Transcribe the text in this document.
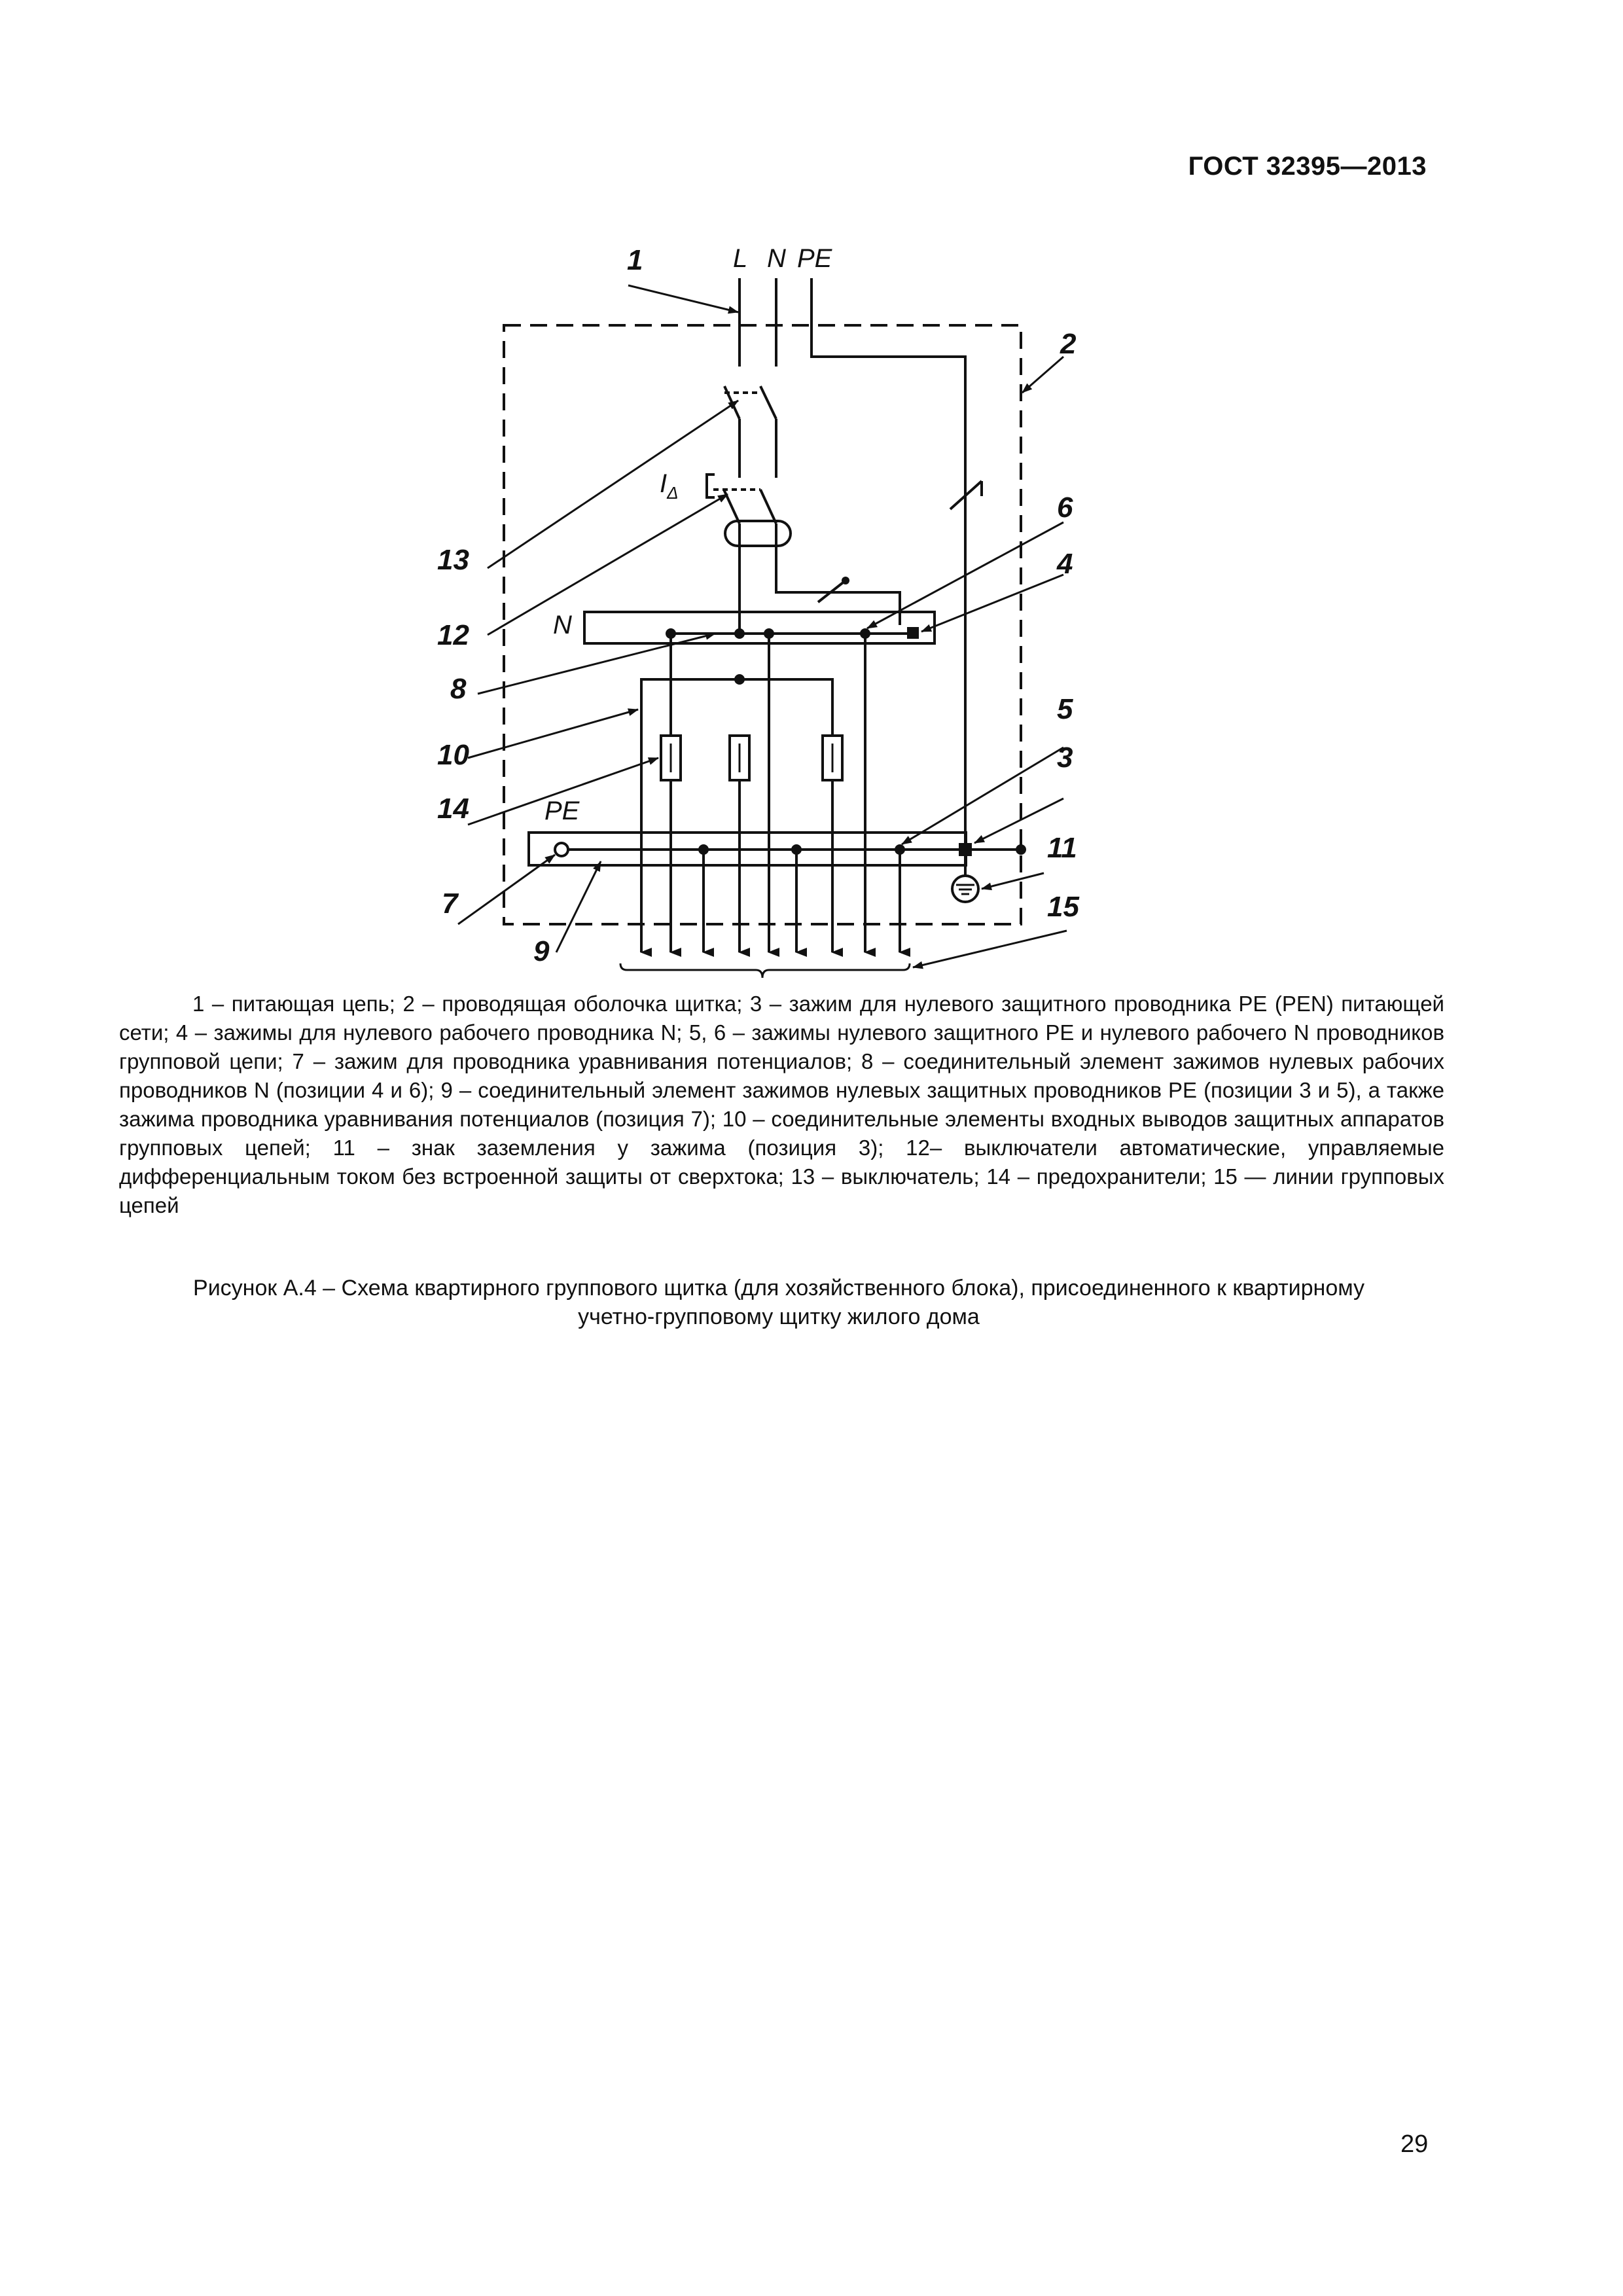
ГОСТ 32395—2013
1
2
13
12
6
4
8
10
14
5
3
11
15
7
9
L N PE
N
PE
$I_\Delta$
1 – питающая цепь; 2 – проводящая оболочка щитка; 3 – зажим для нулевого защитного проводника PE (PEN) питающей сети; 4 – зажимы для нулевого рабочего проводника N; 5, 6 – зажимы нулевого защитного PE и нулевого рабочего N проводников групповой цепи; 7 – зажим для проводника уравнивания потенциалов; 8 – соединительный элемент зажимов нулевых рабочих проводников N (позиции 4 и 6); 9 – соединительный элемент зажимов нулевых защитных проводников PE (позиции 3 и 5), а также зажима проводника уравнивания потенциалов (позиция 7); 10 – соединительные элементы входных выводов защитных аппаратов групповых цепей; 11 – знак заземления у зажима (позиция 3); 12– выключатели автоматические, управляемые дифференциальным током без встроенной защиты от сверхтока; 13 – выключатель; 14 – предохранители; 15 — линии групповых цепей
Рисунок А.4 – Схема квартирного группового щитка (для хозяйственного блока), присоединенного к квартирному
учетно-групповому щитку жилого дома
29
